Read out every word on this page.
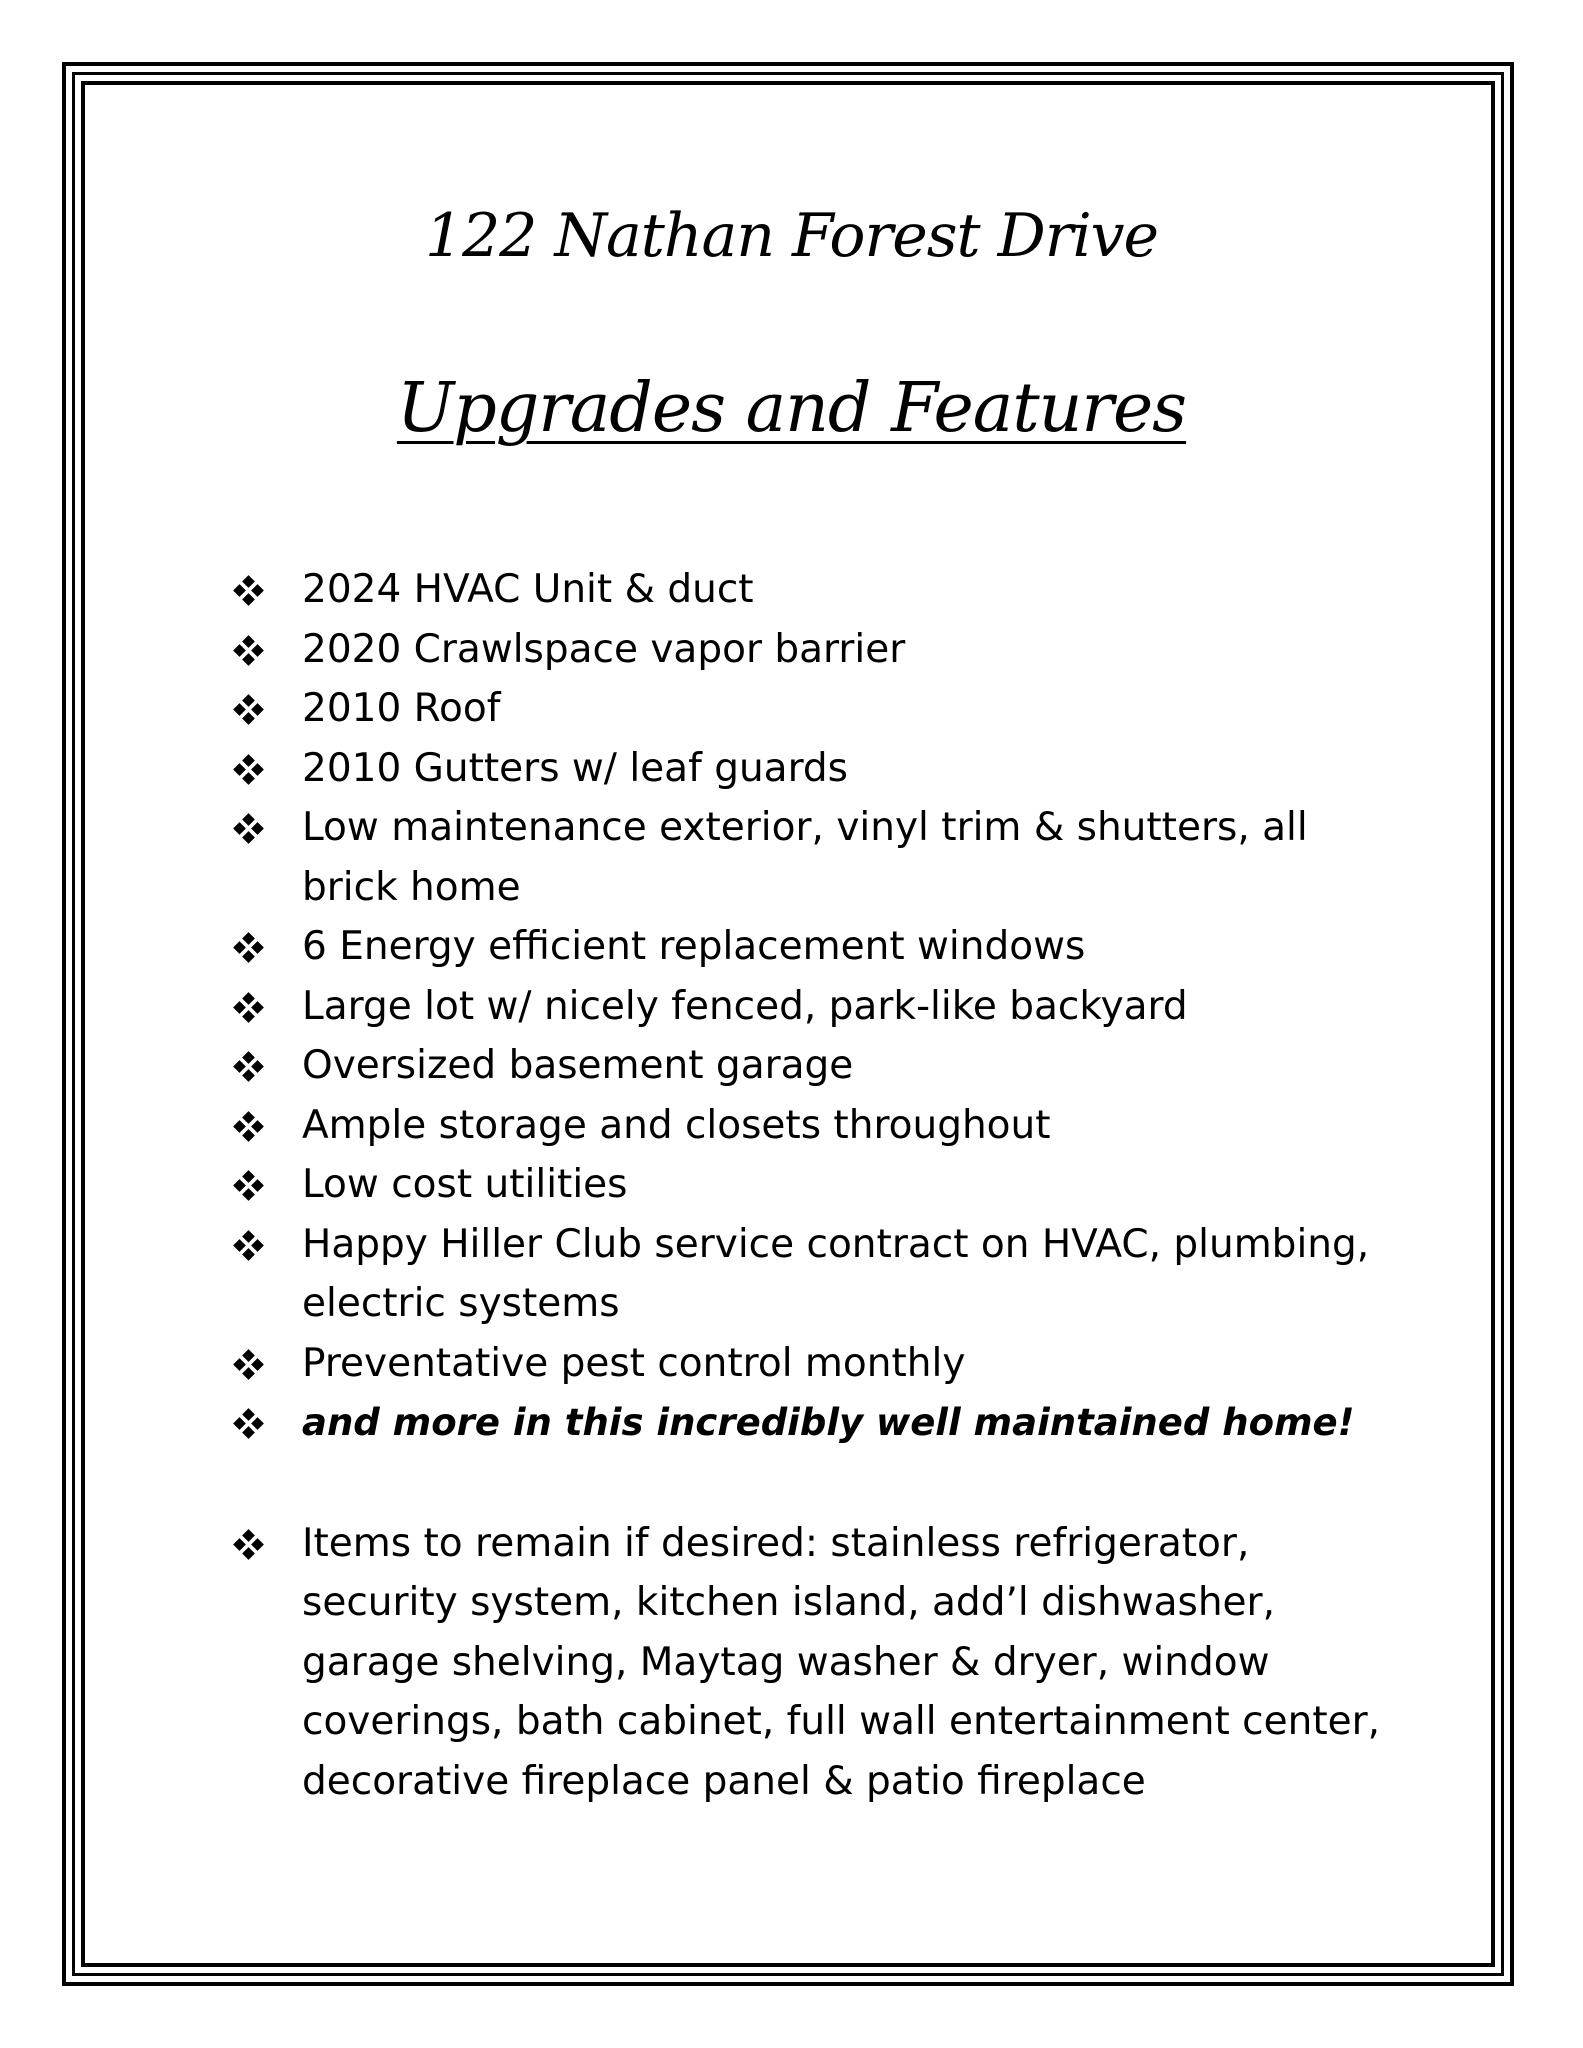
122 Nathan Forest Drive
Upgrades and Features
2024 HVAC Unit & duct
2020 Crawlspace vapor barrier
2010 Roof
2010 Gutters w/ leaf guards
Low maintenance exterior, vinyl trim & shutters, all brick home
6 Energy efficient replacement windows
Large lot w/ nicely fenced, park-like backyard
Oversized basement garage
Ample storage and closets throughout
Low cost utilities
Happy Hiller Club service contract on HVAC, plumbing, electric systems
Preventative pest control monthly
and more in this incredibly well maintained home!
Items to remain if desired: stainless refrigerator, security system, kitchen island, add’l dishwasher, garage shelving, Maytag washer & dryer, window coverings, bath cabinet, full wall entertainment center, decorative fireplace panel & patio fireplace
